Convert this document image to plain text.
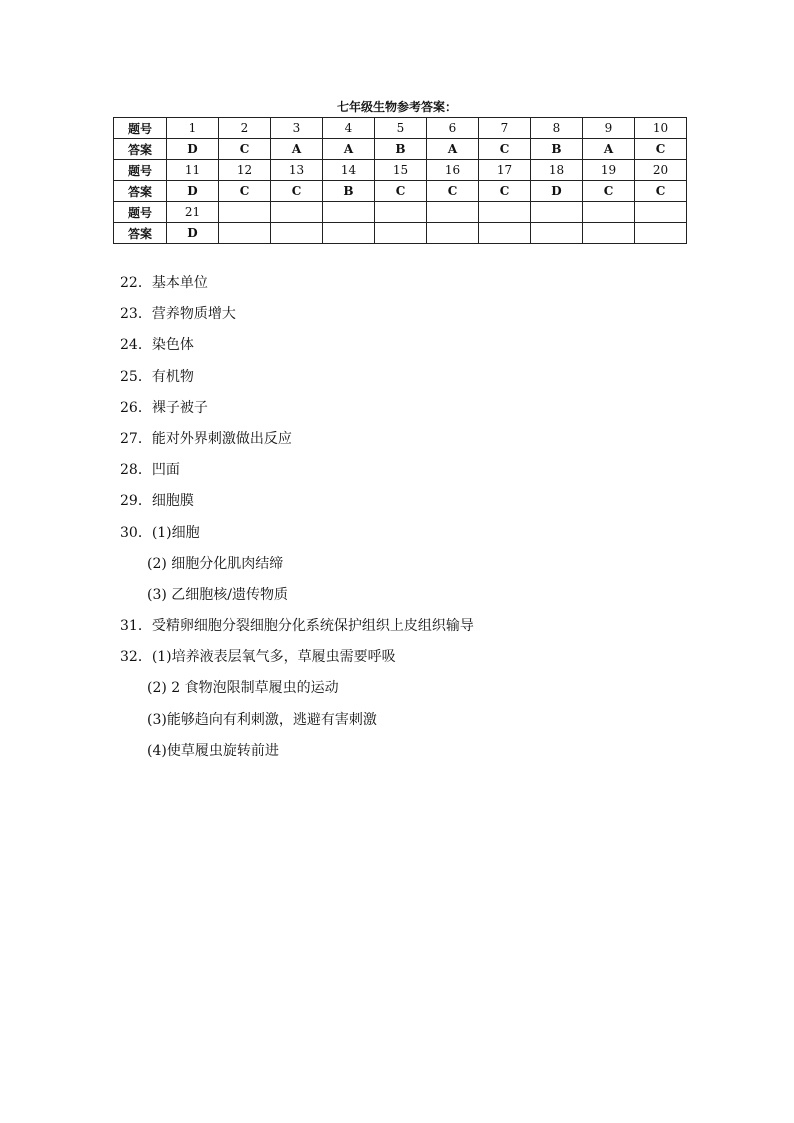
七年级生物参考答案：
题号	1	2	3	4	5	6	7	8	9	10
答案	D	C	A	A	B	A	C	B	A	C
题号	11	12	13	14	15	16	17	18	19	20
答案	D	C	C	B	C	C	C	D	C	C
题号	21									
答案	D									
22．基本单位
23．营养物质增大
24．染色体
25．有机物
26．裸子被子
27．能对外界刺激做出反应
28．凹面
29．细胞膜
30．(1)细胞
(2) 细胞分化肌肉结缔
(3) 乙细胞核/遗传物质
31．受精卵细胞分裂细胞分化系统保护组织上皮组织输导
32．(1)培养液表层氧气多，草履虫需要呼吸
(2) 2 食物泡限制草履虫的运动
(3)能够趋向有利刺激，逃避有害刺激
(4)使草履虫旋转前进
